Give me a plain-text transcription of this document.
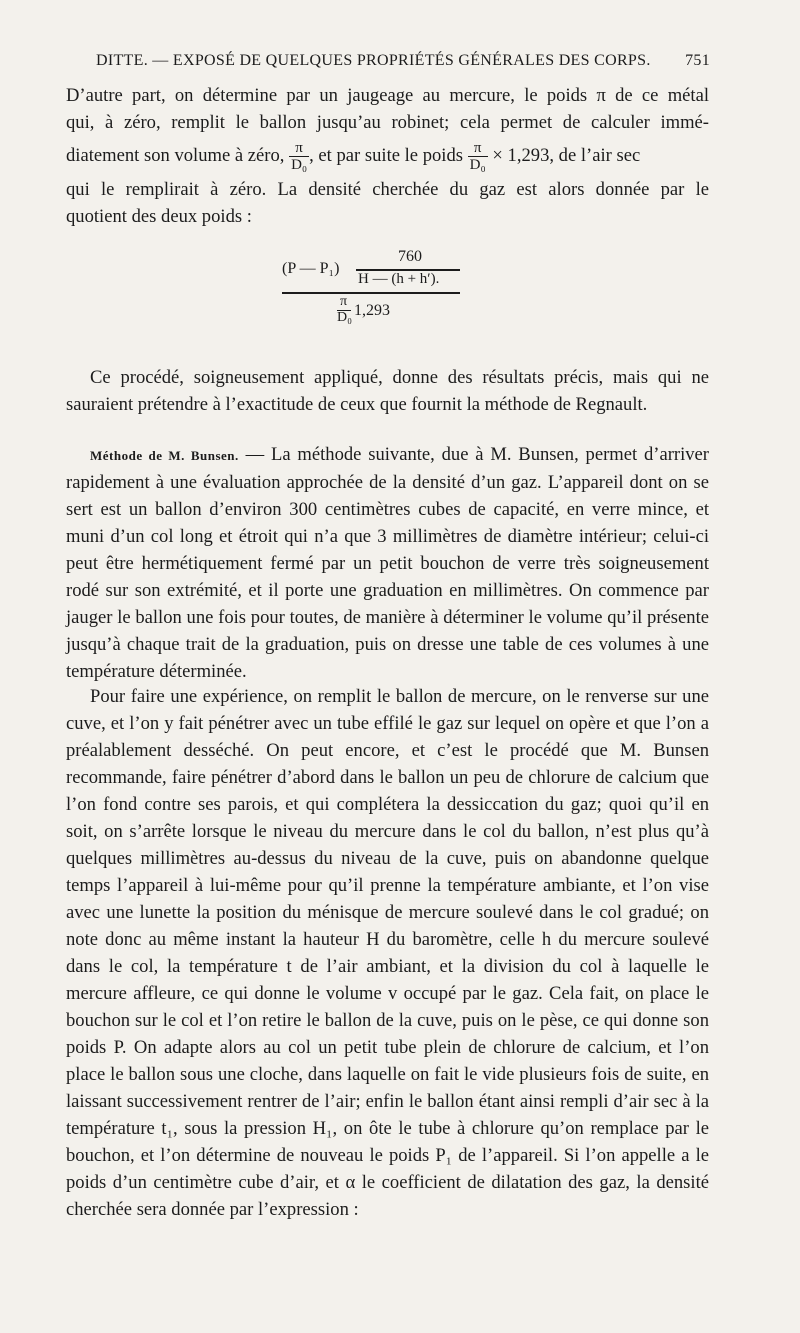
DITTE. — EXPOSÉ DE QUELQUES PROPRIÉTÉS GÉNÉRALES DES CORPS. 751

D’autre part, on détermine par un jaugeage au mercure, le poids π de ce métal

qui, à zéro, remplit le ballon jusqu’au robinet; cela permet de calculer immé-

diatement son volume à zéro, $\frac{\pi}{\text{D₀}}$ , et par suite le poids $\frac{\pi}{\text{D₀}} \times 1,293$, de l’air sec

qui le remplirait à zéro. La densité cherchée du gaz est alors donnée par le

quotient des deux poids :

(P — P₁)
760
H — (h + h′).
π
D₀ 1,293

Ce procédé, soigneusement appliqué, donne des résultats précis, mais qui ne sauraient prétendre à l’exactitude de ceux que fournit la méthode de Regnault.

Méthode de M. Bunsen. — La méthode suivante, due à M. Bunsen, permet d’arriver rapidement à une évaluation approchée de la densité d’un gaz. L’appareil dont on se sert est un ballon d’environ 300 centimètres cubes de capacité, en verre mince, et muni d’un col long et étroit qui n’a que 3 millimètres de diamètre intérieur; celui-ci peut être hermétiquement fermé par un petit bouchon de verre très soigneusement rodé sur son extrémité, et il porte une graduation en millimètres. On commence par jauger le ballon une fois pour toutes, de manière à déterminer le volume qu’il présente jusqu’à chaque trait de la graduation, puis on dresse une table de ces volumes à une température déterminée.

Pour faire une expérience, on remplit le ballon de mercure, on le renverse sur une cuve, et l’on y fait pénétrer avec un tube effilé le gaz sur lequel on opère et que l’on a préalablement desséché. On peut encore, et c’est le procédé que M. Bunsen recommande, faire pénétrer d’abord dans le ballon un peu de chlorure de calcium que l’on fond contre ses parois, et qui complétera la dessiccation du gaz; quoi qu’il en soit, on s’arrête lorsque le niveau du mercure dans le col du ballon, n’est plus qu’à quelques millimètres au-dessus du niveau de la cuve, puis on abandonne quelque temps l’appareil à lui-même pour qu’il prenne la température ambiante, et l’on vise avec une lunette la position du ménisque de mercure soulevé dans le col gradué; on note donc au même instant la hauteur H du baromètre, celle h du mercure soulevé dans le col, la température t de l’air ambiant, et la division du col à laquelle le mercure affleure, ce qui donne le volume v occupé par le gaz. Cela fait, on place le bouchon sur le col et l’on retire le ballon de la cuve, puis on le pèse, ce qui donne son poids P. On adapte alors au col un petit tube plein de chlorure de calcium, et l’on place le ballon sous une cloche, dans laquelle on fait le vide plusieurs fois de suite, en laissant successivement rentrer de l’air; enfin le ballon étant ainsi rempli d’air sec à la température t₁, sous la pression H₁, on ôte le tube à chlorure qu’on remplace par le bouchon, et l’on détermine de nouveau le poids P₁ de l’appareil. Si l’on appelle a le poids d’un centimètre cube d’air, et α le coefficient de dilatation des gaz, la densité cherchée sera donnée par l’expression :
